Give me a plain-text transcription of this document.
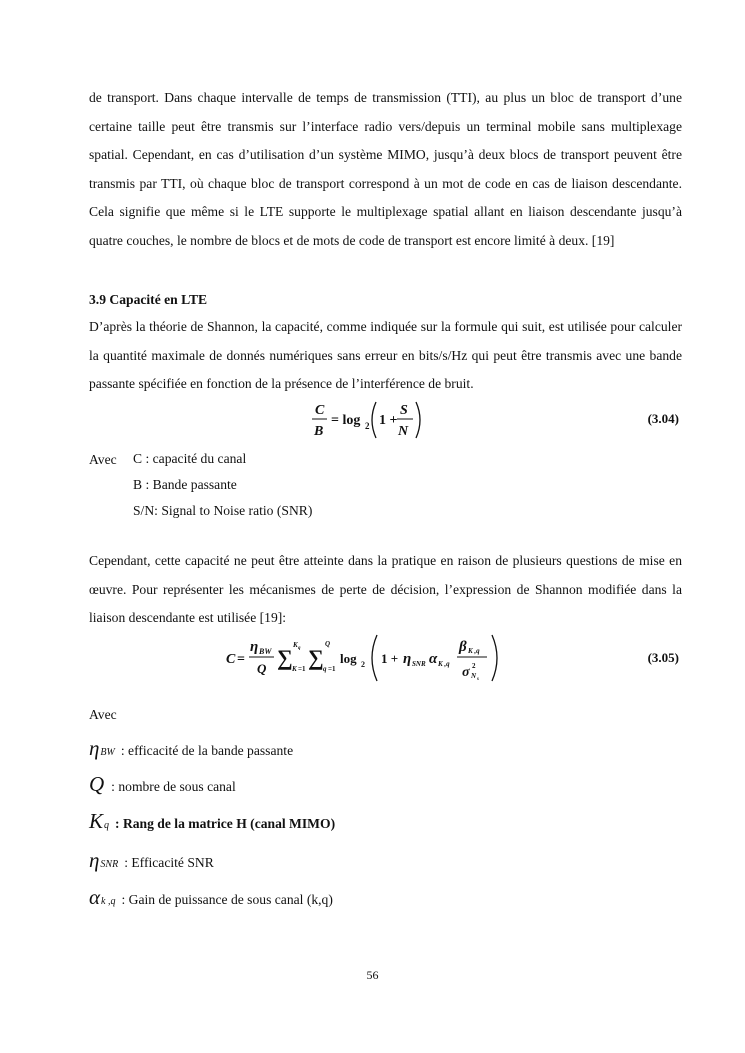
de transport. Dans chaque intervalle de temps de transmission (TTI), au plus un bloc de transport d’une certaine taille peut être transmis sur l’interface radio vers/depuis un terminal mobile sans multiplexage spatial. Cependant, en cas d’utilisation d’un système MIMO, jusqu’à deux blocs de transport peuvent être transmis par TTI, où chaque bloc de transport correspond à un mot de code en cas de liaison descendante. Cela signifie que même si le LTE supporte le multiplexage spatial allant en liaison descendante jusqu’à quatre couches, le nombre de blocs et de mots de code de transport est encore limité à deux. [19]
3.9 Capacité en LTE
D’après la théorie de Shannon, la capacité, comme indiquée sur la formule qui suit, est utilisée pour calculer la quantité maximale de donnés numériques sans erreur en bits/s/Hz qui peut être transmis avec une bande passante spécifiée en fonction de la présence de l’interférence de bruit.
C
B
= log 2 1 +
S
N
(3.04)
Avec C : capacité du canal
B : Bande passante
S/N: Signal to Noise ratio (SNR)
Cependant, cette capacité ne peut être atteinte dans la pratique en raison de plusieurs questions de mise en œuvre. Pour représenter les mécanismes de perte de décision, l’expression de Shannon modifiée dans la liaison descendante est utilisée [19]:
C =
η BW
Q ∑ K q
K =1 ∑
Q
q =1
log 2 1 + η SNR α K ,q
β K ,q
σ 2
N s
(3.05)
Avec
η BW : efficacité de la bande passante
Q : nombre de sous canal
K q : Rang de la matrice H (canal MIMO)
η SNR : Efficacité SNR
α k ,q : Gain de puissance de sous canal (k,q)
56
